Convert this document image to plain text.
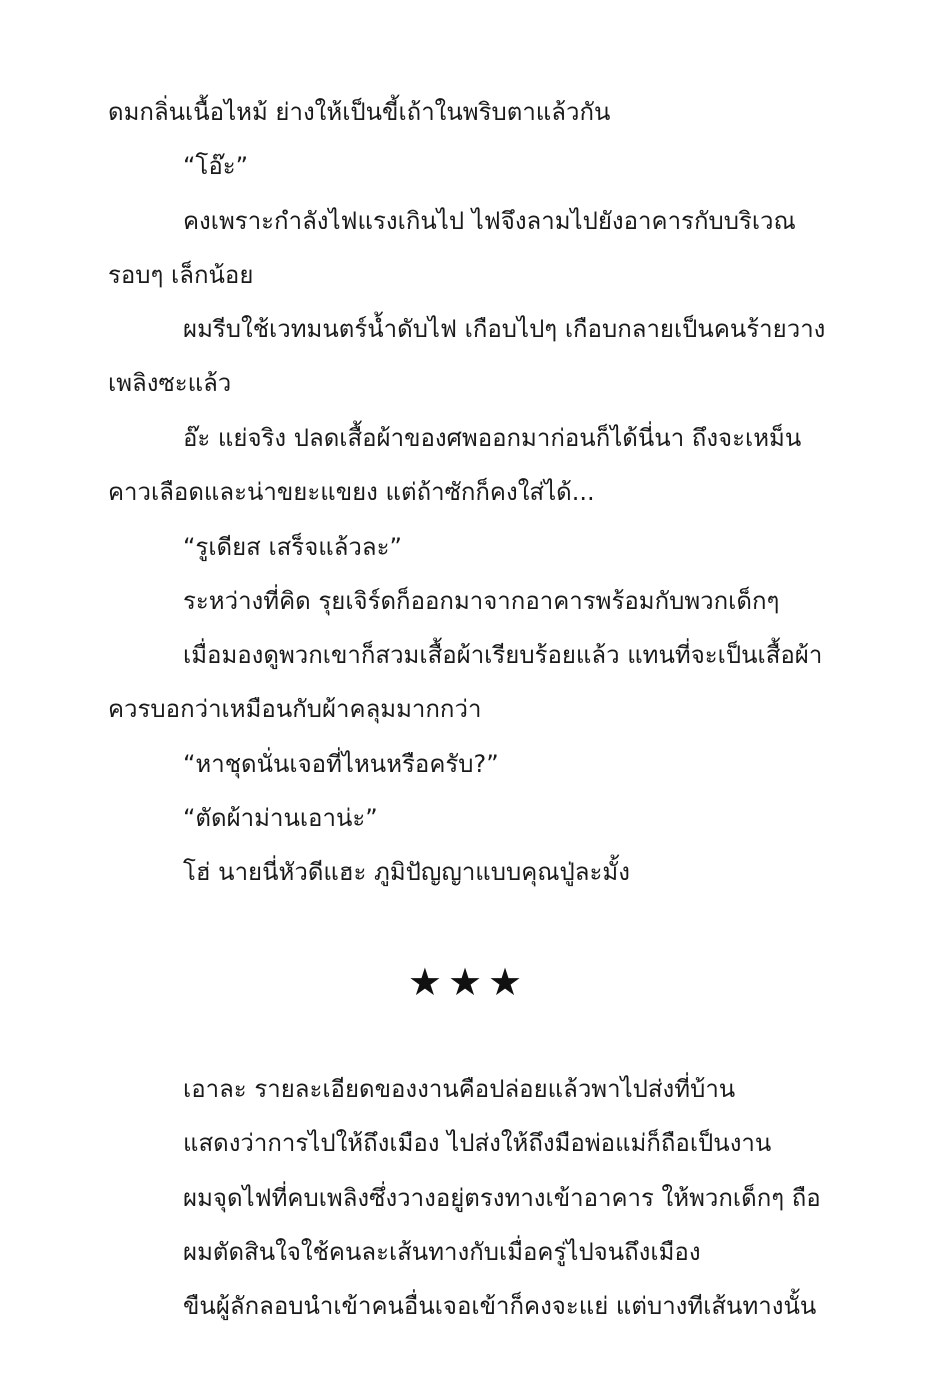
ดมกลิ่นเนื้อไหม้ ย่างให้เป็นขี้เถ้าในพริบตาแล้วกัน
“โอ๊ะ”
คงเพราะกำลังไฟแรงเกินไป ไฟจึงลามไปยังอาคารกับบริเวณ
รอบๆ เล็กน้อย
ผมรีบใช้เวทมนตร์น้ำดับไฟ เกือบไปๆ เกือบกลายเป็นคนร้ายวาง
เพลิงซะแล้ว
อ๊ะ แย่จริง ปลดเสื้อผ้าของศพออกมาก่อนก็ได้นี่นา ถึงจะเหม็น
คาวเลือดและน่าขยะแขยง แต่ถ้าซักก็คงใส่ได้...
“รูเดียส เสร็จแล้วละ”
ระหว่างที่คิด รุยเจิร์ดก็ออกมาจากอาคารพร้อมกับพวกเด็กๆ
เมื่อมองดูพวกเขาก็สวมเสื้อผ้าเรียบร้อยแล้ว แทนที่จะเป็นเสื้อผ้า
ควรบอกว่าเหมือนกับผ้าคลุมมากกว่า
“หาชุดนั่นเจอที่ไหนหรือครับ?”
“ตัดผ้าม่านเอาน่ะ”
โฮ่ นายนี่หัวดีแฮะ ภูมิปัญญาแบบคุณปู่ละมั้ง
★★★
เอาละ รายละเอียดของงานคือปล่อยแล้วพาไปส่งที่บ้าน
แสดงว่าการไปให้ถึงเมือง ไปส่งให้ถึงมือพ่อแม่ก็ถือเป็นงาน
ผมจุดไฟที่คบเพลิงซึ่งวางอยู่ตรงทางเข้าอาคาร ให้พวกเด็กๆ ถือ
ผมตัดสินใจใช้คนละเส้นทางกับเมื่อครู่ไปจนถึงเมือง
ขืนผู้ลักลอบนำเข้าคนอื่นเจอเข้าก็คงจะแย่ แต่บางทีเส้นทางนั้น
